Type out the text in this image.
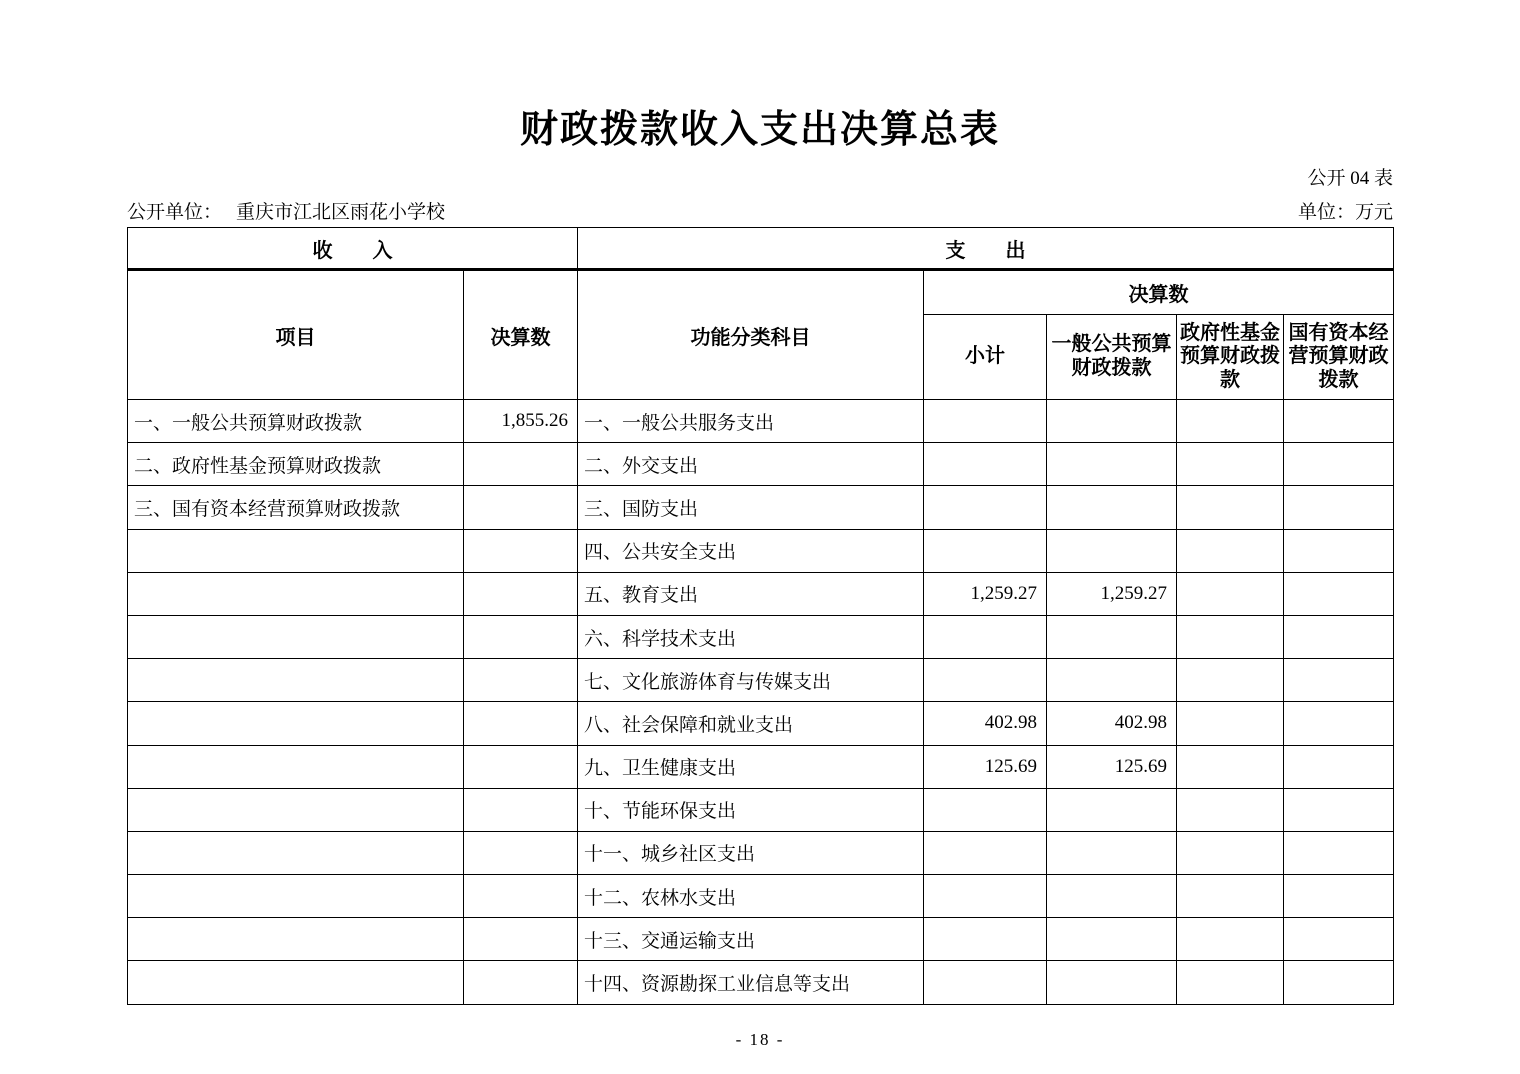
财政拨款收入支出决算总表
公开 04 表
公开单位： 重庆市江北区雨花小学校	单位：万元
收　　入		支　　出				
项目	决算数	功能分类科目	决算数			
			小计	一般公共预算财政拨款	政府性基金预算财政拨款	国有资本经营预算财政拨款
一、一般公共预算财政拨款	1,855.26	一、一般公共服务支出				
二、政府性基金预算财政拨款		二、外交支出				
三、国有资本经营预算财政拨款		三、国防支出				
		四、公共安全支出				
		五、教育支出	1,259.27	1,259.27		
		六、科学技术支出				
		七、文化旅游体育与传媒支出				
		八、社会保障和就业支出	402.98	402.98		
		九、卫生健康支出	125.69	125.69		
		十、节能环保支出				
		十一、城乡社区支出				
		十二、农林水支出				
		十三、交通运输支出				
		十四、资源勘探工业信息等支出				
- 18 -
